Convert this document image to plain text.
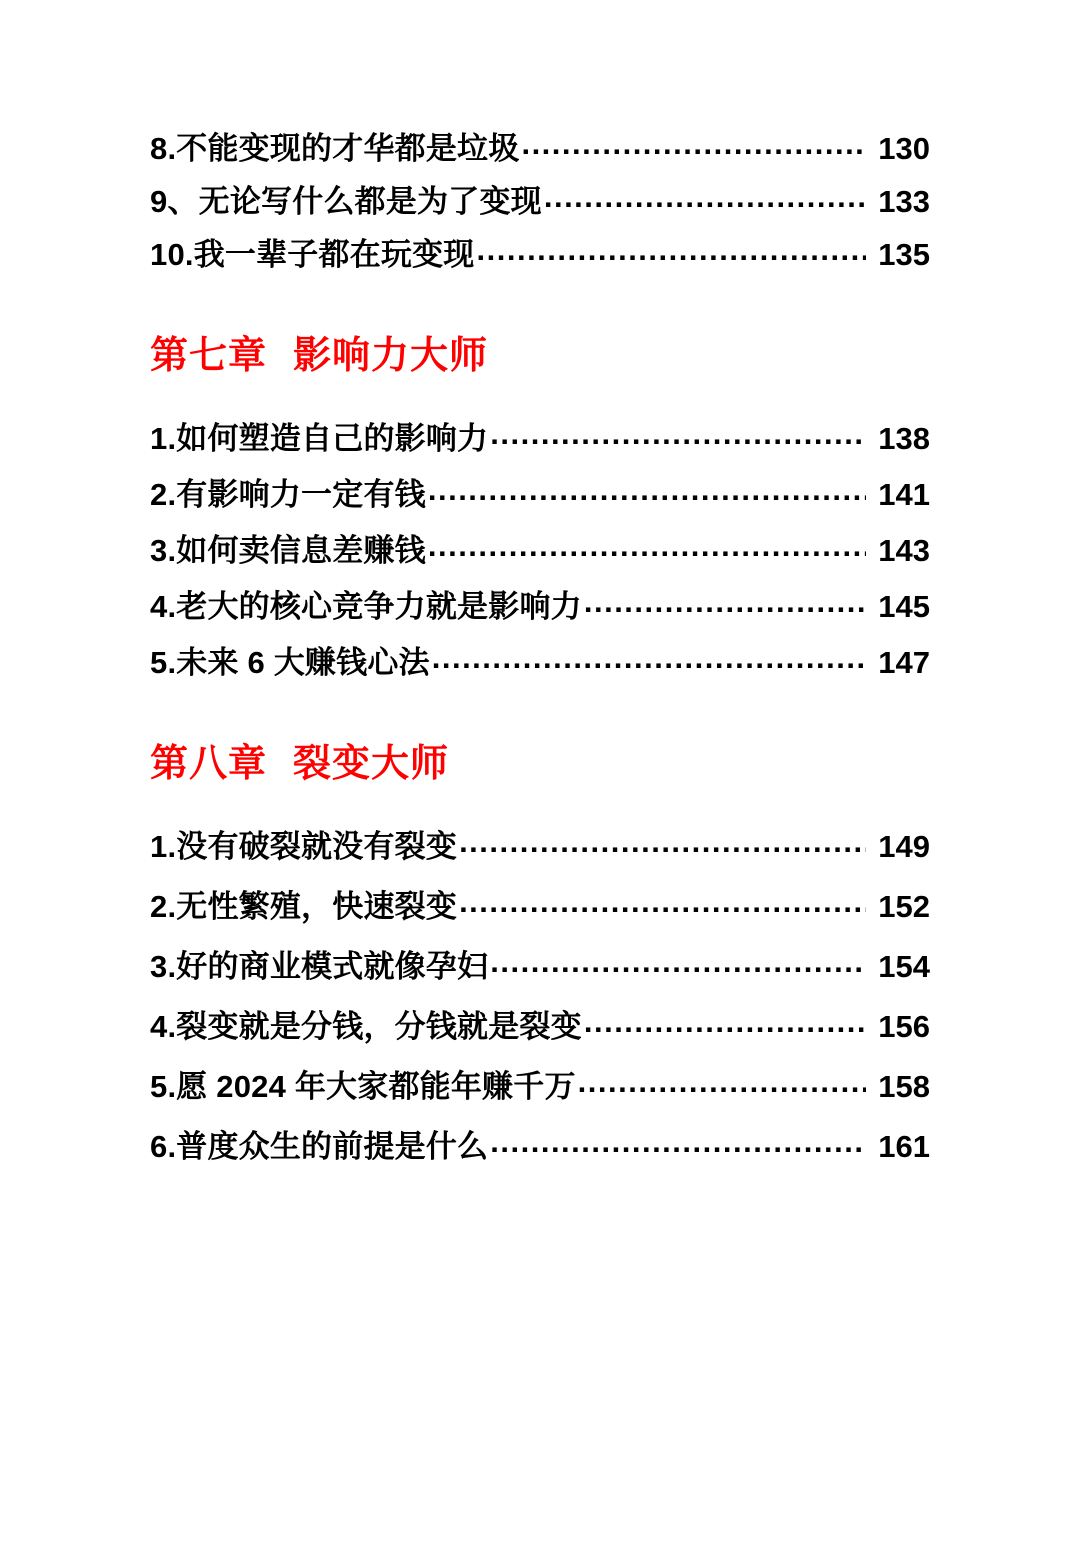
8.不能变现的才华都是垃圾 .....	130
9、无论写什么都是为了变现 .....	133
10.我一辈子都在玩变现 .....	135
第七章 影响力大师
1.如何塑造自己的影响力 .....	138
2.有影响力一定有钱 .....	141
3.如何卖信息差赚钱 .....	143
4.老大的核心竞争力就是影响力 .....	145
5.未来 6 大赚钱心法 .....	147
第八章 裂变大师
1.没有破裂就没有裂变 .....	149
2.无性繁殖，快速裂变 .....	152
3.好的商业模式就像孕妇 .....	154
4.裂变就是分钱，分钱就是裂变 .....	156
5.愿 2024 年大家都能年赚千万 .....	158
6.普度众生的前提是什么 .....	161
